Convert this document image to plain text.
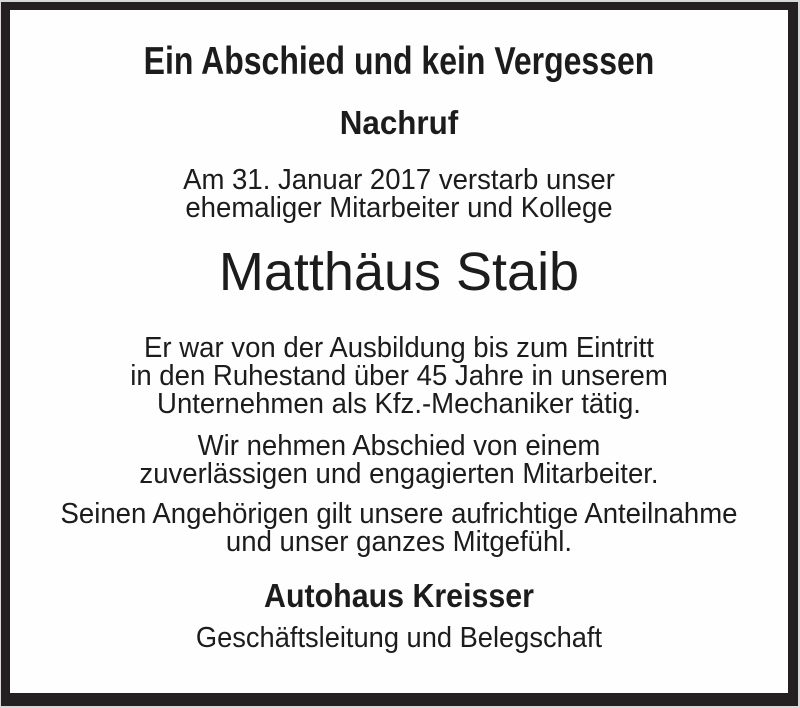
Ein Abschied und kein Vergessen
Nachruf

Am 31. Januar 2017 verstarb unser
ehemaliger Mitarbeiter und Kollege

Matthäus Staib

Er war von der Ausbildung bis zum Eintritt
in den Ruhestand über 45 Jahre in unserem
Unternehmen als Kfz.-Mechaniker tätig.

Wir nehmen Abschied von einem
zuverlässigen und engagierten Mitarbeiter.

Seinen Angehörigen gilt unsere aufrichtige Anteilnahme
und unser ganzes Mitgefühl.

Autohaus Kreisser
Geschäftsleitung und Belegschaft
